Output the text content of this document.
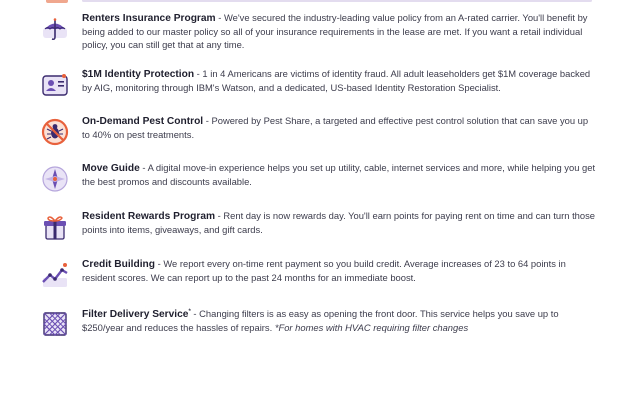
Renters Insurance Program - We've secured the industry-leading value policy from an A-rated carrier. You'll benefit by being added to our master policy so all of your insurance requirements in the lease are met. If you want a retail individual policy, you can still get that at any time.
$1M Identity Protection - 1 in 4 Americans are victims of identity fraud. All adult leaseholders get $1M coverage backed by AIG, monitoring through IBM's Watson, and a dedicated, US-based Identity Restoration Specialist.
On-Demand Pest Control - Powered by Pest Share, a targeted and effective pest control solution that can save you up to 40% on pest treatments.
Move Guide - A digital move-in experience helps you set up utility, cable, internet services and more, while helping you get the best promos and discounts available.
Resident Rewards Program - Rent day is now rewards day. You'll earn points for paying rent on time and can turn those points into items, giveaways, and gift cards.
Credit Building - We report every on-time rent payment so you build credit. Average increases of 23 to 64 points in resident scores. We can report up to the past 24 months for an immediate boost.
Filter Delivery Service* - Changing filters is as easy as opening the front door. This service helps you save up to $250/year and reduces the hassles of repairs. *For homes with HVAC requiring filter changes
